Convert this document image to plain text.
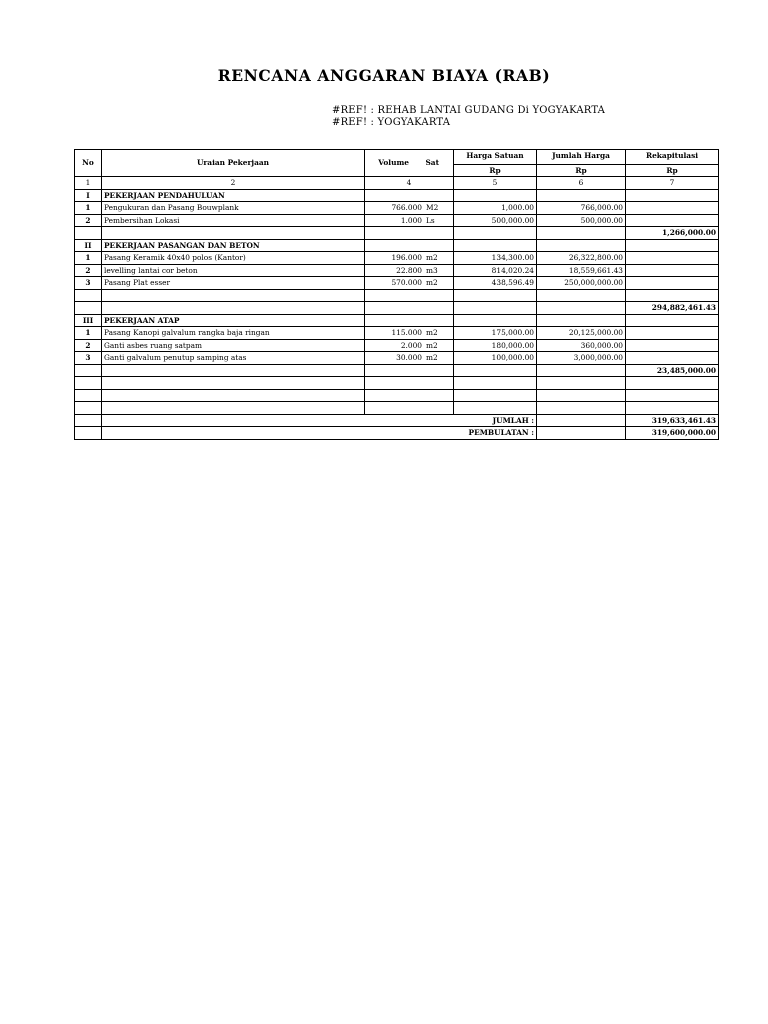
RENCANA ANGGARAN BIAYA (RAB)
#REF! : REHAB LANTAI GUDANG Di YOGYAKARTA
#REF! : YOGYAKARTA
No	Uraian Pekerjaan	Volume Sat	Harga Satuan	Jumlah Harga	Rekapitulasi
			Rp	Rp	Rp
1	2	4	5	6	7
I	PEKERJAAN PENDAHULUAN				
1	Pengukuran dan Pasang Bouwplank	766.000 M2	1,000.00	766,000.00	
2	Pembersihan Lokasi	1.000 Ls	500,000.00	500,000.00	
					1,266,000.00
II	PEKERJAAN PASANGAN DAN BETON				
1	Pasang Keramik 40x40 polos (Kantor)	196.000 m2	134,300.00	26,322,800.00	
2	levelling lantai cor beton	22.800 m3	814,020.24	18,559,661.43	
3	Pasang Plat esser	570.000 m2	438,596.49	250,000,000.00	

					294,882,461.43
III	PEKERJAAN ATAP				
1	Pasang Kanopi galvalum rangka baja ringan	115.000 m2	175,000.00	20,125,000.00	
2	Ganti asbes ruang satpam	2.000 m2	180,000.00	360,000.00	
3	Ganti galvalum penutup samping atas	30.000 m2	100,000.00	3,000,000.00	
					23,485,000.00

	JUMLAH :				319,633,461.43
	PEMBULATAN :				319,600,000.00
